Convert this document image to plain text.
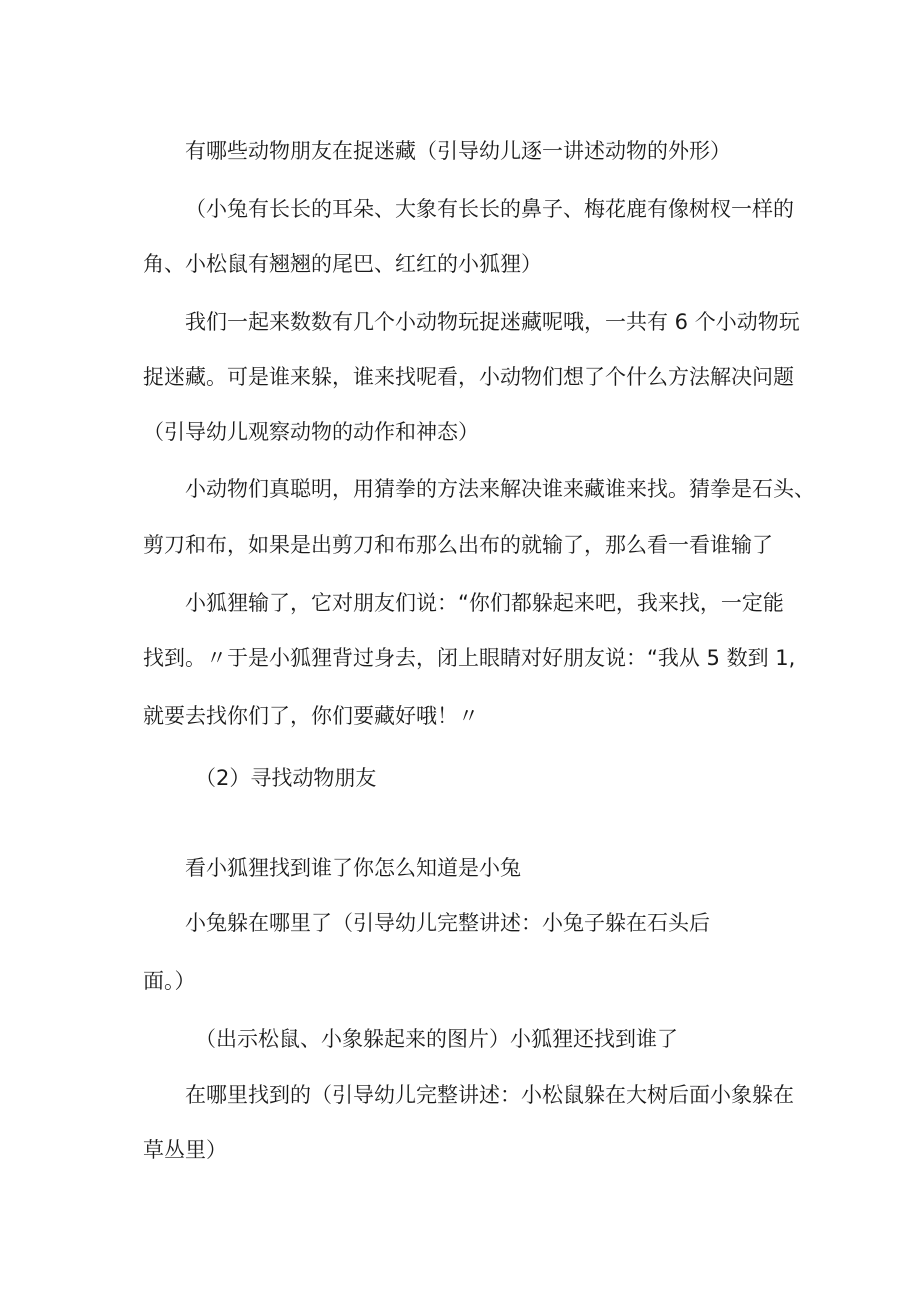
有哪些动物朋友在捉迷藏（引导幼儿逐一讲述动物的外形）

（小兔有长长的耳朵、大象有长长的鼻子、梅花鹿有像树杈一样的

角、小松鼠有翘翘的尾巴、红红的小狐狸）

我们一起来数数有几个小动物玩捉迷藏呢哦，一共有 6 个小动物玩

捉迷藏。可是谁来躲，谁来找呢看，小动物们想了个什么方法解决问题

（引导幼儿观察动物的动作和神态）

小动物们真聪明，用猜拳的方法来解决谁来藏谁来找。猜拳是石头、

剪刀和布，如果是出剪刀和布那么出布的就输了，那么看一看谁输了

小狐狸输了，它对朋友们说：“你们都躲起来吧，我来找，一定能

找到。〃于是小狐狸背过身去，闭上眼睛对好朋友说：“我从 5 数到 1,

就要去找你们了，你们要藏好哦！〃

（2）寻找动物朋友

看小狐狸找到谁了你怎么知道是小兔

小兔躲在哪里了（引导幼儿完整讲述：小兔子躲在石头后

面。）

（出示松鼠、小象躲起来的图片）小狐狸还找到谁了

在哪里找到的（引导幼儿完整讲述：小松鼠躲在大树后面小象躲在

草丛里）
